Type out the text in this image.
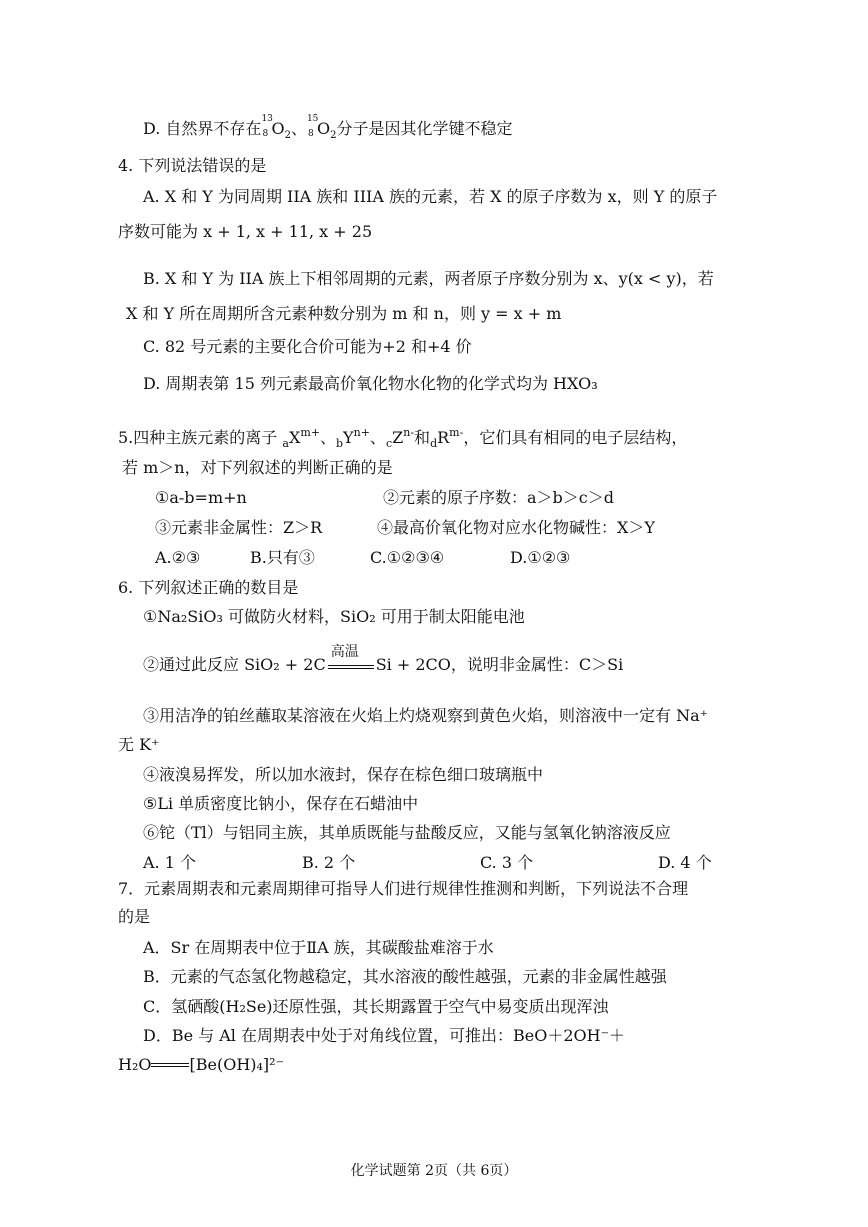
D. 自然界不存在 13
8 $O_2$、 15
8 $O_2$分子是因其化学键不稳定
4. 下列说法错误的是
A. X 和 Y 为同周期 IIA 族和 IIIA 族的元素，若 X 的原子序数为 x，则 Y 的原子
序数可能为 x + 1, x + 11, x + 25
B. X 和 Y 为 IIA 族上下相邻周期的元素，两者原子序数分别为 x、y(x < y)，若
X 和 Y 所在周期所含元素种数分别为 m 和 n，则 y = x + m
C. 82 号元素的主要化合价可能为+2 和+4 价
D. 周期表第 15 列元素最高价氧化物水化物的化学式均为 HXO₃
5.四种主族元素的离子 $_aX^{m+}$、$_bY^{n+}$、$_cZ^{n-}$和$_dR^{m-}$，它们具有相同的电子层结构，
若 m＞n，对下列叙述的判断正确的是
①a-b=m+n	②元素的原子序数：a＞b＞c＞d
③元素非金属性：Z＞R	④最高价氧化物对应水化物碱性：X＞Y
A.②③	B.只有③	C.①②③④	D.①②③
6. 下列叙述正确的数目是
①Na₂SiO₃ 可做防火材料，SiO₂ 可用于制太阳能电池
②通过此反应 SiO₂ + 2C
高温
Si + 2CO，说明非金属性：C＞Si
③用洁净的铂丝蘸取某溶液在火焰上灼烧观察到黄色火焰，则溶液中一定有 Na⁺
无 K⁺
④液溴易挥发，所以加水液封，保存在棕色细口玻璃瓶中
⑤Li 单质密度比钠小，保存在石蜡油中
⑥铊（Tl）与铝同主族，其单质既能与盐酸反应，又能与氢氧化钠溶液反应
A. 1 个	B. 2 个	C. 3 个	D. 4 个
7．元素周期表和元素周期律可指导人们进行规律性推测和判断，下列说法不合理
的是
A．Sr 在周期表中位于ⅡA 族，其碳酸盐难溶于水
B．元素的气态氢化物越稳定，其水溶液的酸性越强，元素的非金属性越强
C．氢硒酸(H₂Se)还原性强，其长期露置于空气中易变质出现浑浊
D．Be 与 Al 在周期表中处于对角线位置，可推出：BeO＋2OH⁻＋
H₂O [Be(OH)₄]²⁻
化学试题第 2页（共 6页）
